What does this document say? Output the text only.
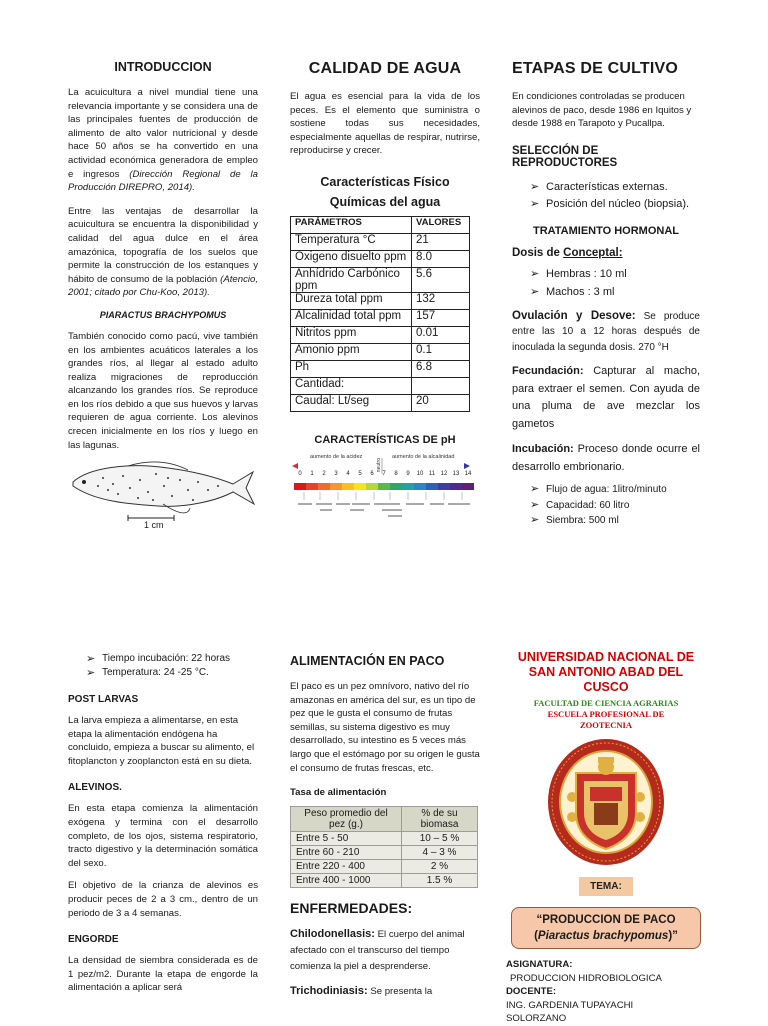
INTRODUCCION

La acuicultura a nivel mundial tiene una relevancia importante y se considera una de las principales fuentes de producción de alimento de alto valor nutricional y desde hace 50 años se ha convertido en una actividad económica generadora de empleo e ingresos (Dirección Regional de la Producción DIREPRO, 2014).

Entre las ventajas de desarrollar la acuicultura se encuentra la disponibilidad y calidad del agua dulce en el área amazónica, topografía de los suelos que permite la construcción de los estanques y hábito de consumo de la población (Atencio, 2001; citado por Chu-Koo, 2013).

PIARACTUS BRACHYPOMUS

También conocido como pacú, vive también en los ambientes acuáticos laterales a los grandes ríos, al llegar al estado adulto realiza migraciones de reproducción alcanzando los grandes ríos. Se reproduce en los ríos debido a que sus huevos y larvas requieren de agua corriente. Los alevinos crecen inicialmente en los ríos y luego en las lagunas.

1 cm
CALIDAD DE AGUA

El agua es esencial para la vida de los peces. Es el elemento que suministra o sostiene todas sus necesidades, especialmente aquellas de respirar, nutrirse, reproducirse y crecer.

Características Físico
Químicas del agua
PARÁMETROS	VALORES
Temperatura °C	21
Oxigeno disuelto ppm	8.0
Anhídrido Carbónico ppm	5.6
Dureza total ppm	132
Alcalinidad total ppm	157
Nitritos ppm	0.01
Amonio ppm	0.1
Ph	6.8
Cantidad:	
Caudal: Lt/seg	20
CARACTERÍSTICAS DE pH
aumento de la acidez
neutro
aumento de la alcalinidad
0	1	2	3	4	5	6	7	8	9	10 11 12 13 14
ETAPAS DE CULTIVO

En condiciones controladas se producen alevinos de paco, desde 1986 en Iquitos y desde 1988 en Tarapoto y Pucallpa.

SELECCIÓN DE REPRODUCTORES
➢ Características externas.
➢ Posición del núcleo (biopsia).
TRATAMIENTO HORMONAL
Dosis de Conceptal:
➢ Hembras : 10 ml
➢ Machos : 3 ml

Ovulación y Desove: Se produce entre las 10 a 12 horas después de inoculada la segunda dosis. 270 °H

Fecundación: Capturar al macho, para extraer el semen. Con ayuda de una pluma de ave mezclar los gametos

Incubación: Proceso donde ocurre el desarrollo embrionario.

➢ Flujo de agua: 1litro/minuto
➢ Capacidad: 60 litro
➢ Siembra: 500 ml
➢ Tiempo incubación: 22 horas
➢ Temperatura: 24 -25 °C.
POST LARVAS

La larva empieza a alimentarse, en esta etapa la alimentación endógena ha concluido, empieza a buscar su alimento, el fitoplancton y zooplancton está en su dieta.

ALEVINOS.

En esta etapa comienza la alimentación exógena y termina con el desarrollo completo, de los ojos, sistema respiratorio, tracto digestivo y la determinación somática del sexo.

El objetivo de la crianza de alevinos es producir peces de 2 a 3 cm., dentro de un periodo de 3 a 4 semanas.

ENGORDE

La densidad de siembra considerada es de 1 pez/m2. Durante la etapa de engorde la alimentación a aplicar será

ALIMENTACIÓN EN PACO

El paco es un pez omnívoro, nativo del río amazonas en américa del sur, es un tipo de pez que le gusta el consumo de frutas semillas, su sistema digestivo es muy desarrollado, su intestino es 5 veces más largo que el estómago por su origen le gusta el consumo de frutas frescas, etc.

Tasa de alimentación
Peso promedio del pez (g.)	% de su biomasa
Entre 5 - 50	10 – 5 %
Entre 60 - 210	4 – 3 %
Entre 220 - 400	2 %
Entre 400 - 1000	1.5 %
ENFERMEDADES:

Chilodonellasis: El cuerpo del animal afectado con el transcurso del tiempo comienza la piel a desprenderse.

Trichodiniasis: Se presenta la

UNIVERSIDAD NACIONAL DE SAN ANTONIO ABAD DEL CUSCO
FACULTAD DE CIENCIA AGRARIAS
ESCUELA PROFESIONAL DE ZOOTECNIA
TEMA:
“PRODUCCION DE PACO
(Piaractus brachypomus)”
ASIGNATURA:
PRODUCCION HIDROBIOLOGICA
DOCENTE:
ING. GARDENIA TUPAYACHI
SOLORZANO
